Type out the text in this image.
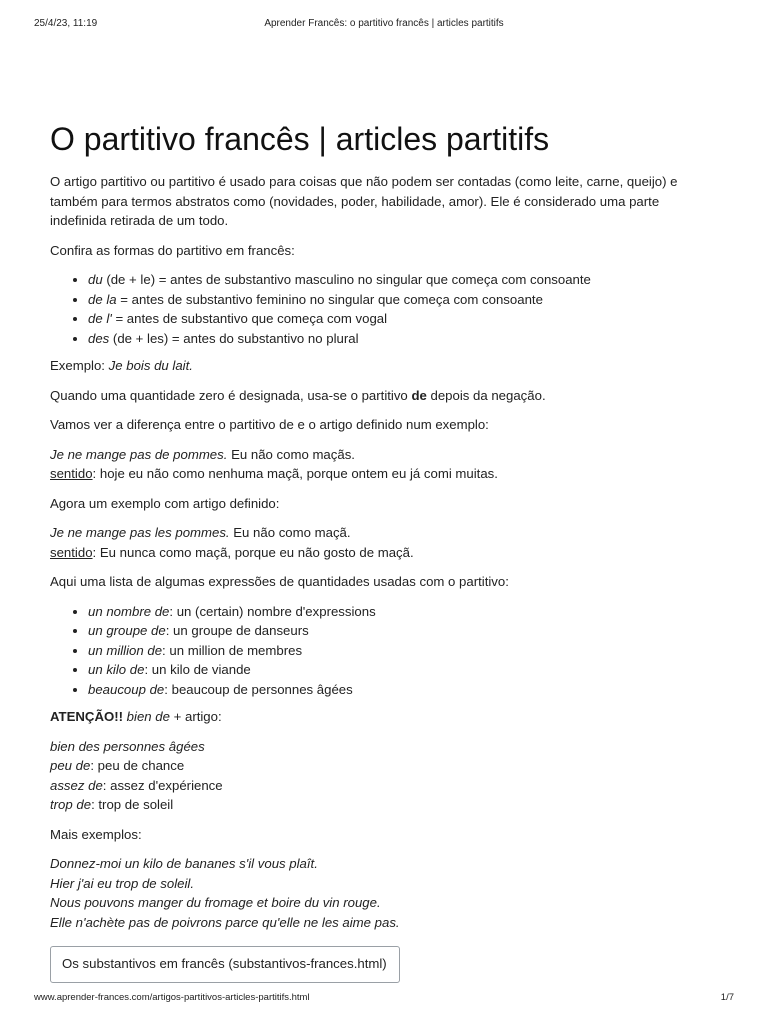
25/4/23, 11:19	Aprender Francês: o partitivo francês | articles partitifs
O partitivo francês | articles partitifs

O artigo partitivo ou partitivo é usado para coisas que não podem ser contadas (como leite, carne, queijo) e também para termos abstratos como (novidades, poder, habilidade, amor). Ele é considerado uma parte indefinida retirada de um todo.

Confira as formas do partitivo em francês:

• du (de + le) = antes de substantivo masculino no singular que começa com consoante
• de la = antes de substantivo feminino no singular que começa com consoante
• de l' = antes de substantivo que começa com vogal
• des (de + les) = antes do substantivo no plural

Exemplo: Je bois du lait.

Quando uma quantidade zero é designada, usa-se o partitivo de depois da negação.

Vamos ver a diferença entre o partitivo de e o artigo definido num exemplo:

Je ne mange pas de pommes. Eu não como maçãs.
sentido: hoje eu não como nenhuma maçã, porque ontem eu já comi muitas.

Agora um exemplo com artigo definido:

Je ne mange pas les pommes. Eu não como maçã.
sentido: Eu nunca como maçã, porque eu não gosto de maçã.

Aqui uma lista de algumas expressões de quantidades usadas com o partitivo:

• un nombre de: un (certain) nombre d'expressions
• un groupe de: un groupe de danseurs
• un million de: un million de membres
• un kilo de: un kilo de viande
• beaucoup de: beaucoup de personnes âgées

ATENÇÃO!! bien de + artigo:

bien des personnes âgées
peu de: peu de chance
assez de: assez d'expérience
trop de: trop de soleil

Mais exemplos:

Donnez-moi un kilo de bananes s'il vous plaît.
Hier j'ai eu trop de soleil.
Nous pouvons manger du fromage et boire du vin rouge.
Elle n'achète pas de poivrons parce qu'elle ne les aime pas.

Os substantivos em francês (substantivos-frances.html)
www.aprender-frances.com/artigos-partitivos-articles-partitifs.html	1/7
